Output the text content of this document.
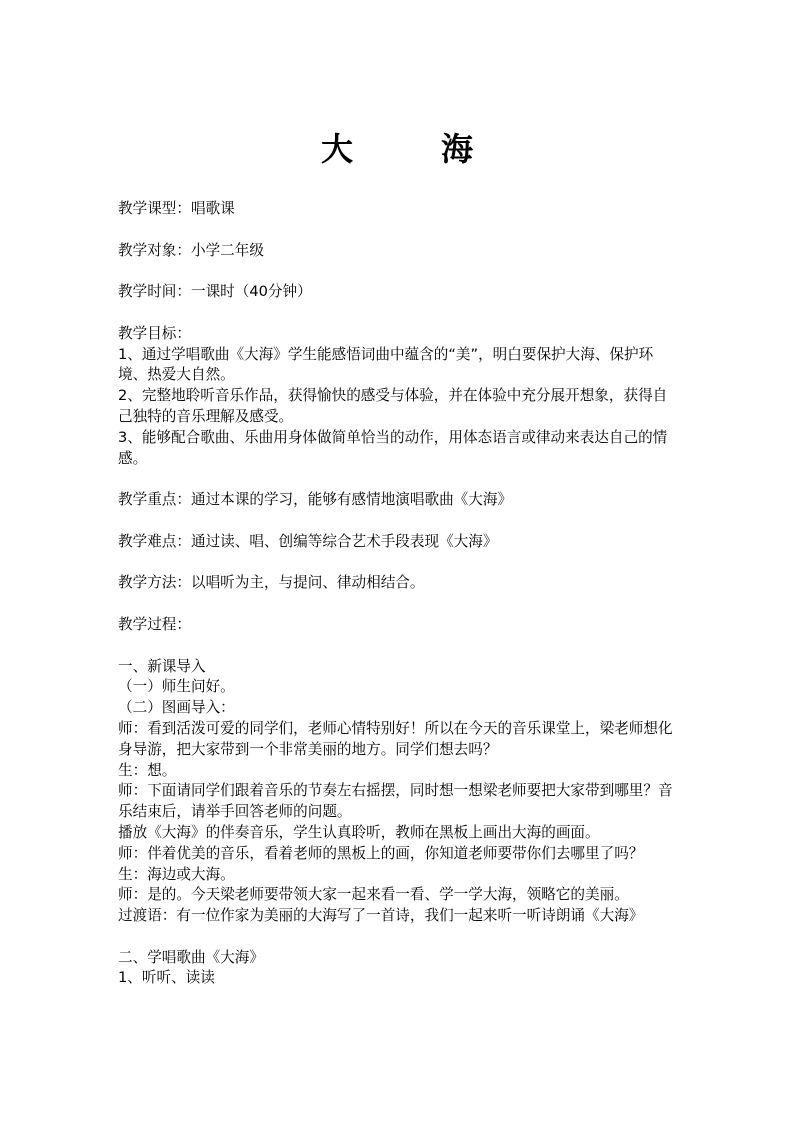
大　海

教学课型：唱歌课

教学对象：小学二年级

教学时间：一课时（40分钟）

教学目标：

1、通过学唱歌曲《大海》学生能感悟词曲中蕴含的“美”，明白要保护大海、保护环境、热爱大自然。

2、完整地聆听音乐作品，获得愉快的感受与体验，并在体验中充分展开想象，获得自己独特的音乐理解及感受。

3、能够配合歌曲、乐曲用身体做简单恰当的动作，用体态语言或律动来表达自己的情感。

教学重点：通过本课的学习，能够有感情地演唱歌曲《大海》

教学难点：通过读、唱、创编等综合艺术手段表现《大海》

教学方法：以唱听为主，与提问、律动相结合。

教学过程：

一、新课导入

（一）师生问好。

（二）图画导入：

师：看到活泼可爱的同学们，老师心情特别好！所以在今天的音乐课堂上，梁老师想化身导游，把大家带到一个非常美丽的地方。同学们想去吗？

生：想。

师：下面请同学们跟着音乐的节奏左右摇摆，同时想一想梁老师要把大家带到哪里？音乐结束后，请举手回答老师的问题。

播放《大海》的伴奏音乐，学生认真聆听，教师在黑板上画出大海的画面。

师：伴着优美的音乐，看着老师的黑板上的画，你知道老师要带你们去哪里了吗？

生：海边或大海。

师：是的。今天梁老师要带领大家一起来看一看、学一学大海，领略它的美丽。

过渡语：有一位作家为美丽的大海写了一首诗，我们一起来听一听诗朗诵《大海》

二、学唱歌曲《大海》

1、听听、读读
